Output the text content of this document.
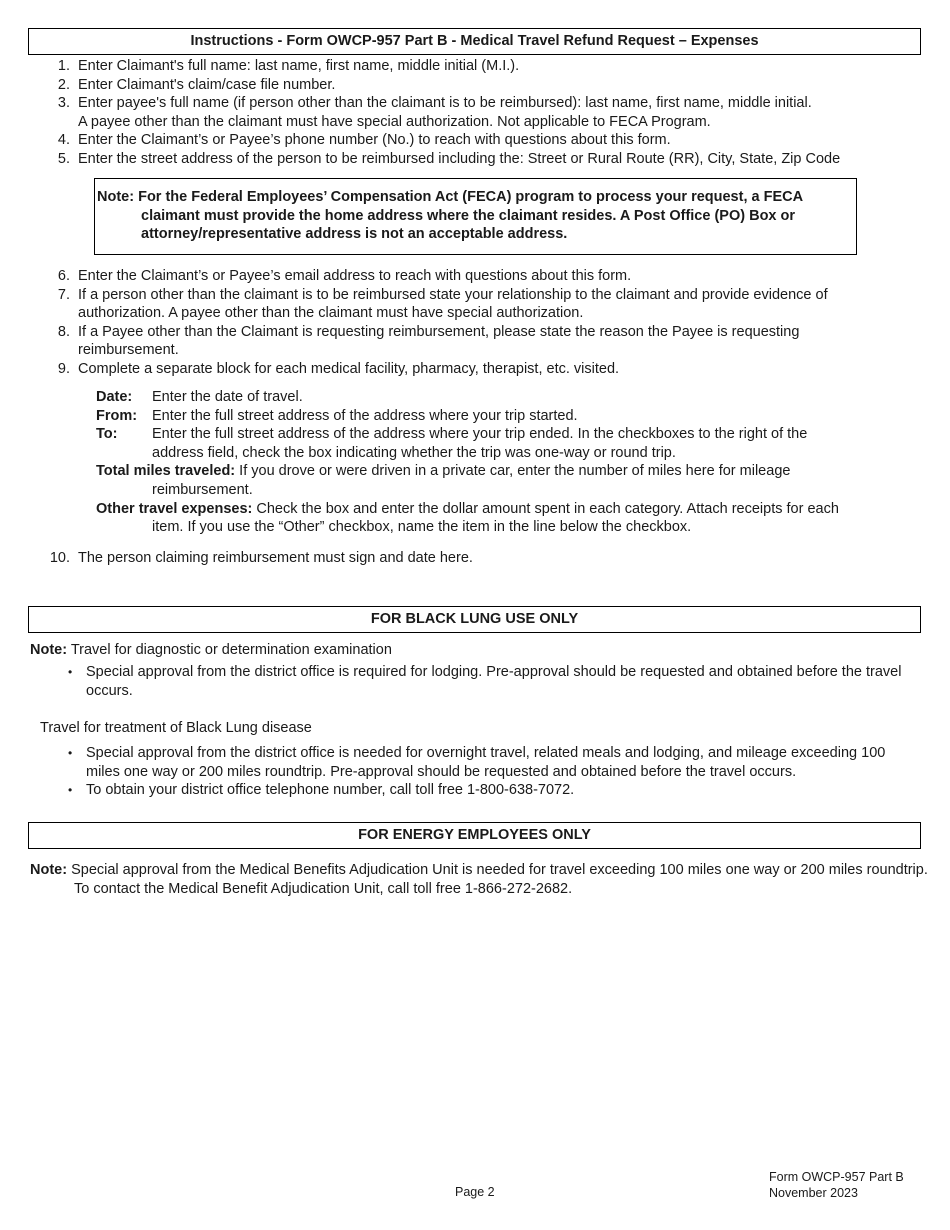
Instructions - Form OWCP-957 Part B - Medical Travel Refund Request – Expenses
1. Enter Claimant's full name: last name, first name, middle initial (M.I.).
2. Enter Claimant's claim/case file number.
3. Enter payee's full name (if person other than the claimant is to be reimbursed): last name, first name, middle initial.
A payee other than the claimant must have special authorization. Not applicable to FECA Program.
4. Enter the Claimant’s or Payee’s phone number (No.) to reach with questions about this form.
5. Enter the street address of the person to be reimbursed including the: Street or Rural Route (RR), City, State, Zip Code
Note: For the Federal Employees’ Compensation Act (FECA) program to process your request, a FECA claimant must provide the home address where the claimant resides. A Post Office (PO) Box or attorney/representative address is not an acceptable address.
6. Enter the Claimant’s or Payee’s email address to reach with questions about this form.
7. If a person other than the claimant is to be reimbursed state your relationship to the claimant and provide evidence of authorization. A payee other than the claimant must have special authorization.
8. If a Payee other than the Claimant is requesting reimbursement, please state the reason the Payee is requesting reimbursement.
9. Complete a separate block for each medical facility, pharmacy, therapist, etc. visited.
Date:	Enter the date of travel.
From:	Enter the full street address of the address where your trip started.
To:	Enter the full street address of the address where your trip ended. In the checkboxes to the right of the address field, check the box indicating whether the trip was one-way or round trip.
Total miles traveled: If you drove or were driven in a private car, enter the number of miles here for mileage reimbursement.
Other travel expenses: Check the box and enter the dollar amount spent in each category. Attach receipts for each item. If you use the “Other” checkbox, name the item in the line below the checkbox.
10. The person claiming reimbursement must sign and date here.
FOR BLACK LUNG USE ONLY
Note: Travel for diagnostic or determination examination
• Special approval from the district office is required for lodging. Pre-approval should be requested and obtained before the travel occurs.
Travel for treatment of Black Lung disease
• Special approval from the district office is needed for overnight travel, related meals and lodging, and mileage exceeding 100 miles one way or 200 miles roundtrip. Pre-approval should be requested and obtained before the travel occurs.
• To obtain your district office telephone number, call toll free 1-800-638-7072.
FOR ENERGY EMPLOYEES ONLY
Note: Special approval from the Medical Benefits Adjudication Unit is needed for travel exceeding 100 miles one way or 200 miles roundtrip. To contact the Medical Benefit Adjudication Unit, call toll free 1-866-272-2682.
Page 2
Form OWCP-957 Part B
November 2023
